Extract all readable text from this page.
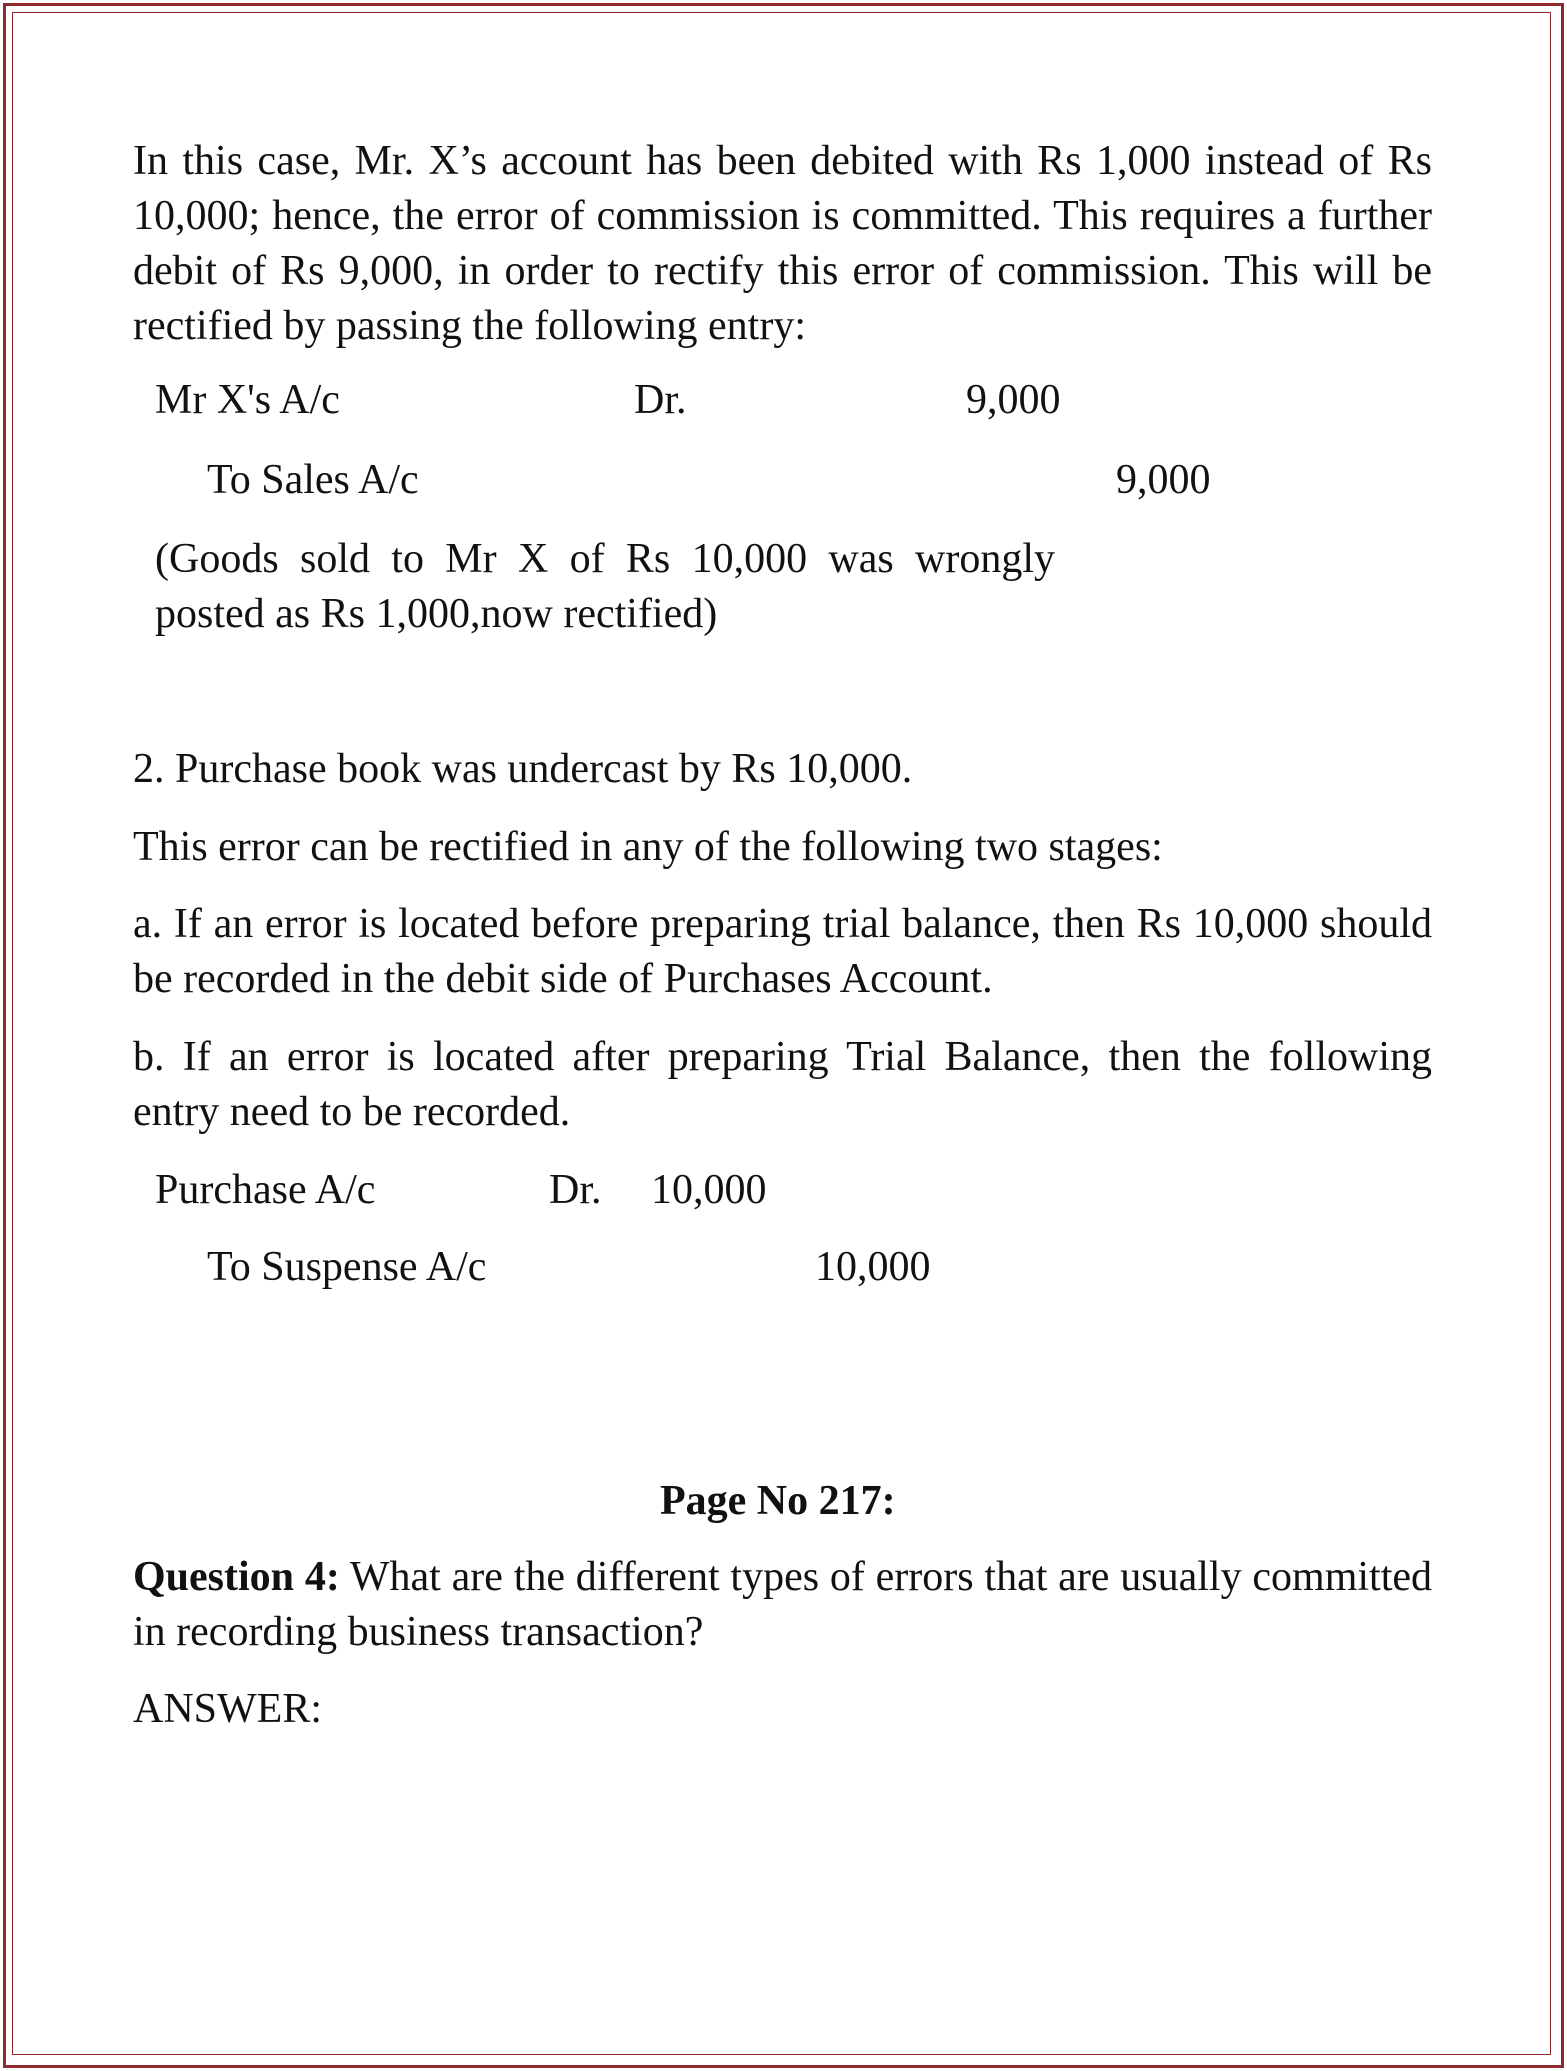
In this case, Mr. X’s account has been debited with Rs 1,000 instead of Rs 10,000; hence, the error of commission is committed. This requires a further debit of Rs 9,000, in order to rectify this error of commission. This will be rectified by passing the following entry:
Mr X's A/c	Dr.	9,000
To Sales A/c	9,000
(Goods sold to Mr X of Rs 10,000 was wrongly posted as Rs 1,000,now rectified)
2. Purchase book was undercast by Rs 10,000.
This error can be rectified in any of the following two stages:
a. If an error is located before preparing trial balance, then Rs 10,000 should be recorded in the debit side of Purchases Account.
b. If an error is located after preparing Trial Balance, then the following entry need to be recorded.
Purchase A/c	Dr. 10,000
To Suspense A/c	10,000
Page No 217:
Question 4: What are the different types of errors that are usually committed in recording business transaction?
ANSWER:
